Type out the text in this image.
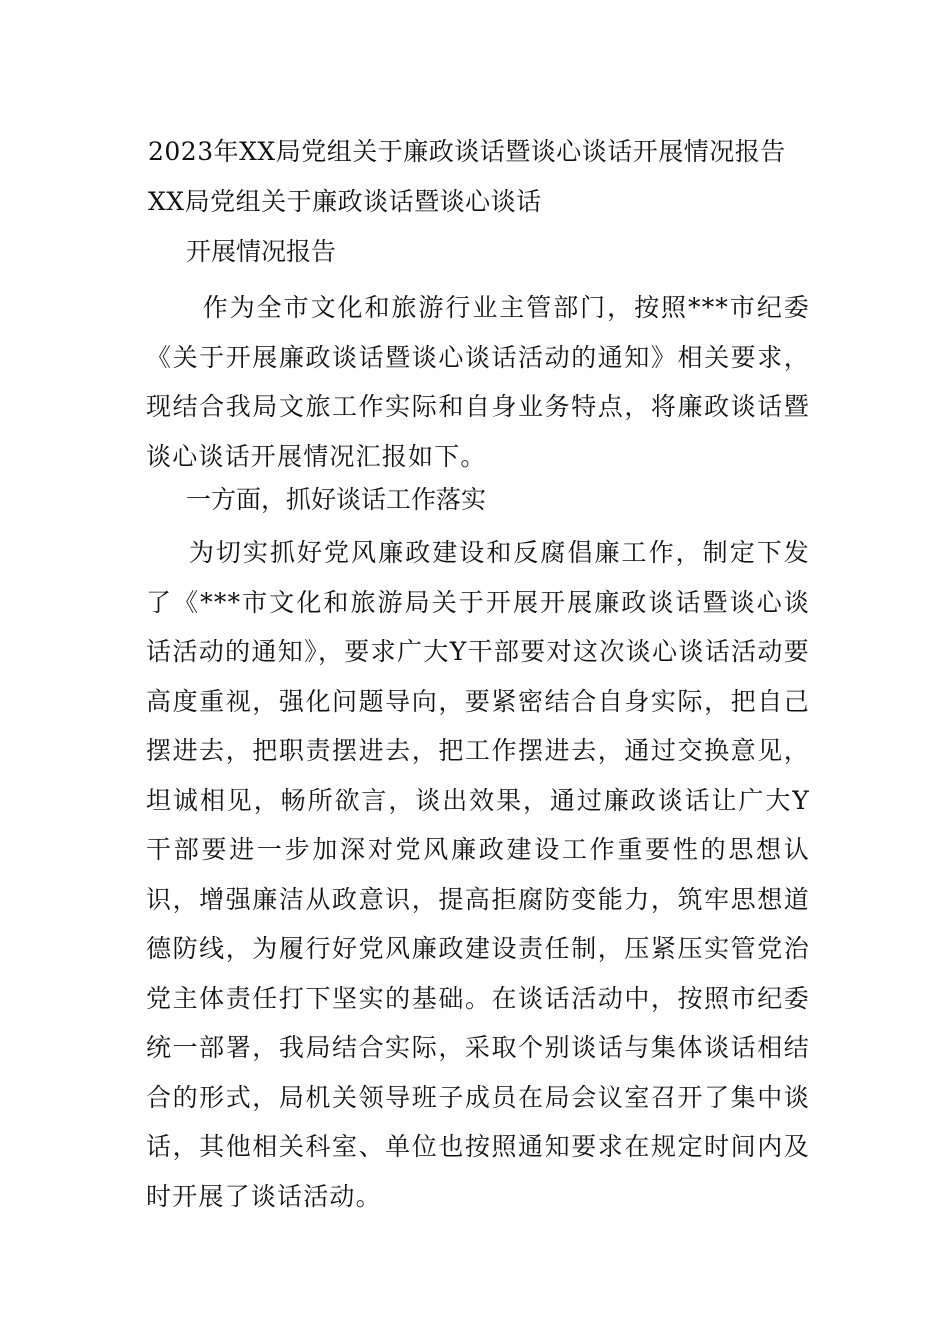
2023年XX局党组关于廉政谈话暨谈心谈话开展情况报告
XX局党组关于廉政谈话暨谈心谈话
开展情况报告
作为全市文化和旅游行业主管部门，按照***市纪委《关于开展廉政谈话暨谈心谈话活动的通知》相关要求，现结合我局文旅工作实际和自身业务特点，将廉政谈话暨谈心谈话开展情况汇报如下。
一方面，抓好谈话工作落实
为切实抓好党风廉政建设和反腐倡廉工作，制定下发了《***市文化和旅游局关于开展开展廉政谈话暨谈心谈话活动的通知》，要求广大Y干部要对这次谈心谈话活动要高度重视，强化问题导向，要紧密结合自身实际，把自己摆进去，把职责摆进去，把工作摆进去，通过交换意见，坦诚相见，畅所欲言，谈出效果，通过廉政谈话让广大Y干部要进一步加深对党风廉政建设工作重要性的思想认识，增强廉洁从政意识，提高拒腐防变能力，筑牢思想道德防线，为履行好党风廉政建设责任制，压紧压实管党治党主体责任打下坚实的基础。在谈话活动中，按照市纪委统一部署，我局结合实际，采取个别谈话与集体谈话相结合的形式，局机关领导班子成员在局会议室召开了集中谈话，其他相关科室、单位也按照通知要求在规定时间内及时开展了谈话活动。
